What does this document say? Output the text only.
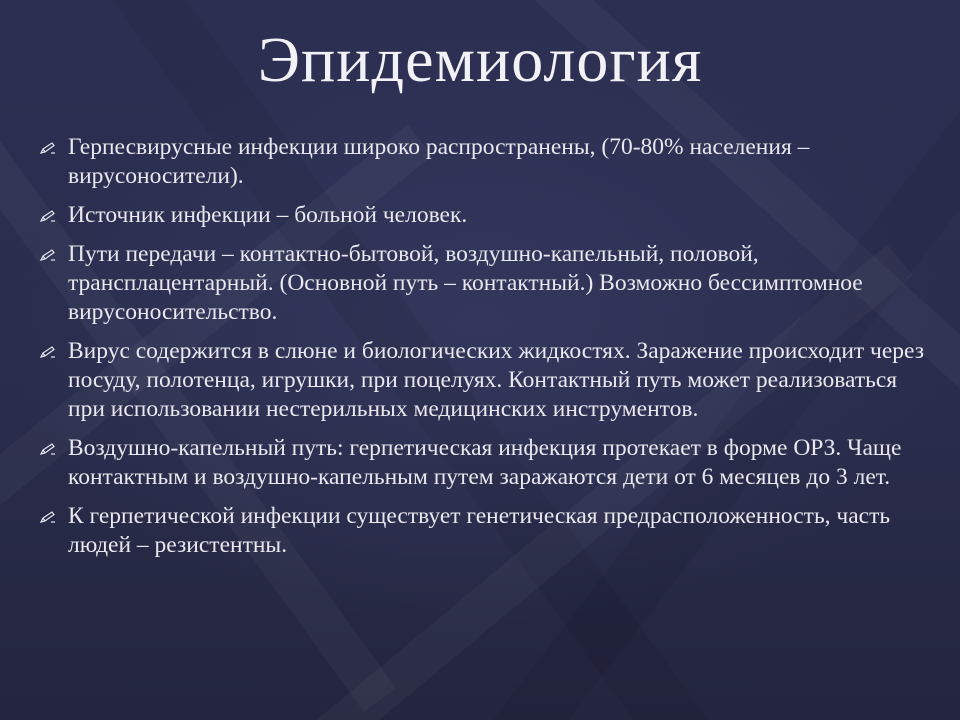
Эпидемиология
Герпесвирусные инфекции широко распространены, (70-80% населения – вирусоносители).
Источник инфекции – больной человек.
Пути передачи – контактно-бытовой, воздушно-капельный, половой, трансплацентарный. (Основной путь – контактный.) Возможно бессимптомное вирусоносительство.
Вирус содержится в слюне и биологических жидкостях. Заражение происходит через посуду, полотенца, игрушки, при поцелуях. Контактный путь может реализоваться при использовании нестерильных медицинских инструментов.
Воздушно-капельный путь: герпетическая инфекция протекает в форме ОРЗ. Чаще контактным и воздушно-капельным путем заражаются дети от 6 месяцев до 3 лет.
К герпетической инфекции существует генетическая предрасположенность, часть людей – резистентны.
